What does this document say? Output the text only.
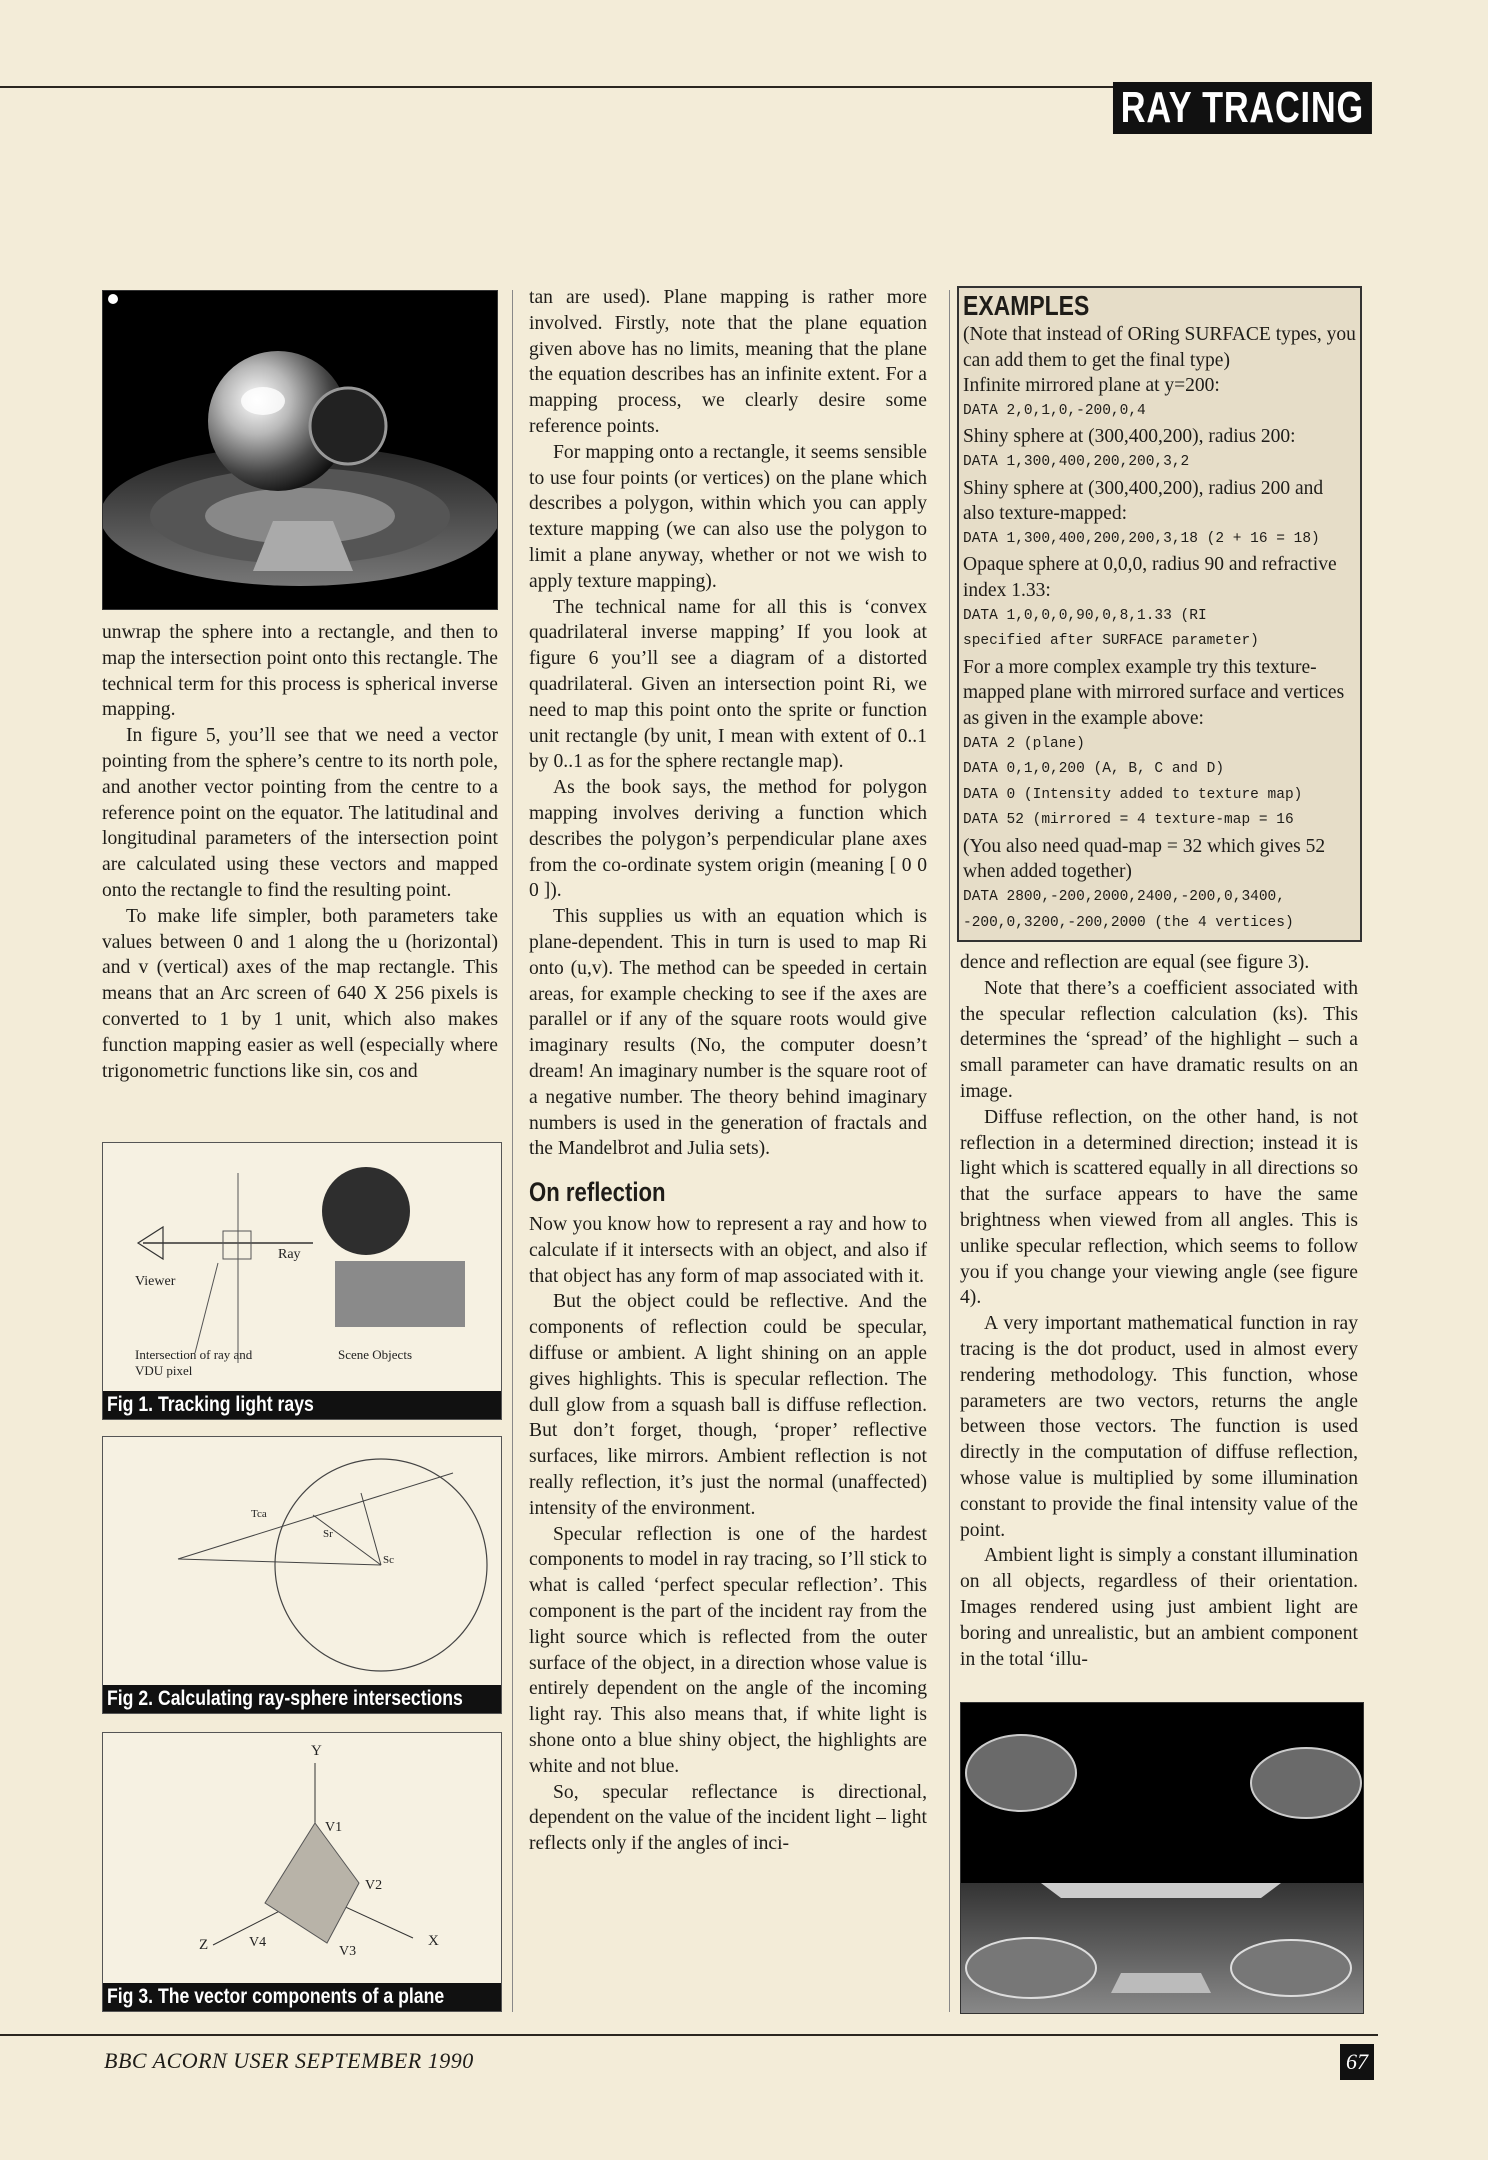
RAY TRACING

unwrap the sphere into a rectangle, and then to map the intersection point onto this rectangle. The technical term for this process is spherical inverse mapping.

In figure 5, you’ll see that we need a vector pointing from the sphere’s centre to its north pole, and another vector pointing from the centre to a reference point on the equator. The latitudinal and longitudinal parameters of the intersection point are calculated using these vectors and mapped onto the rectangle to find the resulting point.

To make life simpler, both parameters take values between 0 and 1 along the u (horizontal) and v (vertical) axes of the map rectangle. This means that an Arc screen of 640 X 256 pixels is converted to 1 by 1 unit, which also makes function mapping easier as well (especially where trigonometric functions like sin, cos and

Ray
Viewer
Intersection of ray and
VDU pixel
Scene Objects
Fig 1. Tracking light rays
Tca
Sr
Sc
Fig 2. Calculating ray-sphere intersections
Y
X
Z
V1
V2
V3
V4
Fig 3. The vector components of a plane

tan are used). Plane mapping is rather more involved. Firstly, note that the plane equation given above has no limits, meaning that the plane the equation describes has an infinite extent. For a mapping process, we clearly desire some reference points.

For mapping onto a rectangle, it seems sensible to use four points (or vertices) on the plane which describes a polygon, within which you can apply texture mapping (we can also use the polygon to limit a plane anyway, whether or not we wish to apply texture mapping).

The technical name for all this is ‘convex quadrilateral inverse mapping’ If you look at figure 6 you’ll see a diagram of a distorted quadrilateral. Given an intersection point Ri, we need to map this point onto the sprite or function unit rectangle (by unit, I mean with extent of 0..1 by 0..1 as for the sphere rectangle map).

As the book says, the method for polygon mapping involves deriving a function which describes the polygon’s perpendicular plane axes from the co-ordinate system origin (meaning [ 0 0 0 ]).

This supplies us with an equation which is plane-dependent. This in turn is used to map Ri onto (u,v). The method can be speeded in certain areas, for example checking to see if the axes are parallel or if any of the square roots would give imaginary results (No, the computer doesn’t dream! An imaginary number is the square root of a negative number. The theory behind imaginary numbers is used in the generation of fractals and the Mandelbrot and Julia sets).

On reflection

Now you know how to represent a ray and how to calculate if it intersects with an object, and also if that object has any form of map associated with it.

But the object could be reflective. And the components of reflection could be specular, diffuse or ambient. A light shining on an apple gives highlights. This is specular reflection. The dull glow from a squash ball is diffuse reflection. But don’t forget, though, ‘proper’ reflective surfaces, like mirrors. Ambient reflection is not really reflection, it’s just the normal (unaffected) intensity of the environment.

Specular reflection is one of the hardest components to model in ray tracing, so I’ll stick to what is called ‘perfect specular reflection’. This component is the part of the incident ray from the light source which is reflected from the outer surface of the object, in a direction whose value is entirely dependent on the angle of the incoming light ray. This also means that, if white light is shone onto a blue shiny object, the highlights are white and not blue.

So, specular reflectance is directional, dependent on the value of the incident light – light reflects only if the angles of inci-

EXAMPLES
(Note that instead of ORing SURFACE types, you can add them to get the final type)
Infinite mirrored plane at y=200:
DATA 2,0,1,0,-200,0,4
Shiny sphere at (300,400,200), radius 200:
DATA 1,300,400,200,200,3,2
Shiny sphere at (300,400,200), radius 200 and also texture-mapped:
DATA 1,300,400,200,200,3,18 (2 + 16 = 18)
Opaque sphere at 0,0,0, radius 90 and refractive index 1.33:
DATA 1,0,0,0,90,0,8,1.33 (RI
specified after SURFACE parameter)
For a more complex example try this texture-mapped plane with mirrored surface and vertices as given in the example above:
DATA 2 (plane)
DATA 0,1,0,200 (A, B, C and D)
DATA 0 (Intensity added to texture map)
DATA 52 (mirrored = 4 texture-map = 16
(You also need quad-map = 32 which gives 52 when added together)
DATA 2800,-200,2000,2400,-200,0,3400,
-200,0,3200,-200,2000 (the 4 vertices)

dence and reflection are equal (see figure 3).

Note that there’s a coefficient associated with the specular reflection calculation (ks). This determines the ‘spread’ of the highlight – such a small parameter can have dramatic results on an image.

Diffuse reflection, on the other hand, is not reflection in a determined direction; instead it is light which is scattered equally in all directions so that the surface appears to have the same brightness when viewed from all angles. This is unlike specular reflection, which seems to follow you if you change your viewing angle (see figure 4).

A very important mathematical function in ray tracing is the dot product, used in almost every rendering methodology. This function, whose parameters are two vectors, returns the angle between those vectors. The function is used directly in the computation of diffuse reflection, whose value is multiplied by some illumination constant to provide the final intensity value of the point.

Ambient light is simply a constant illumination on all objects, regardless of their orientation. Images rendered using just ambient light are boring and unrealistic, but an ambient component in the total ‘illu-

BBC ACORN USER SEPTEMBER 1990	67
